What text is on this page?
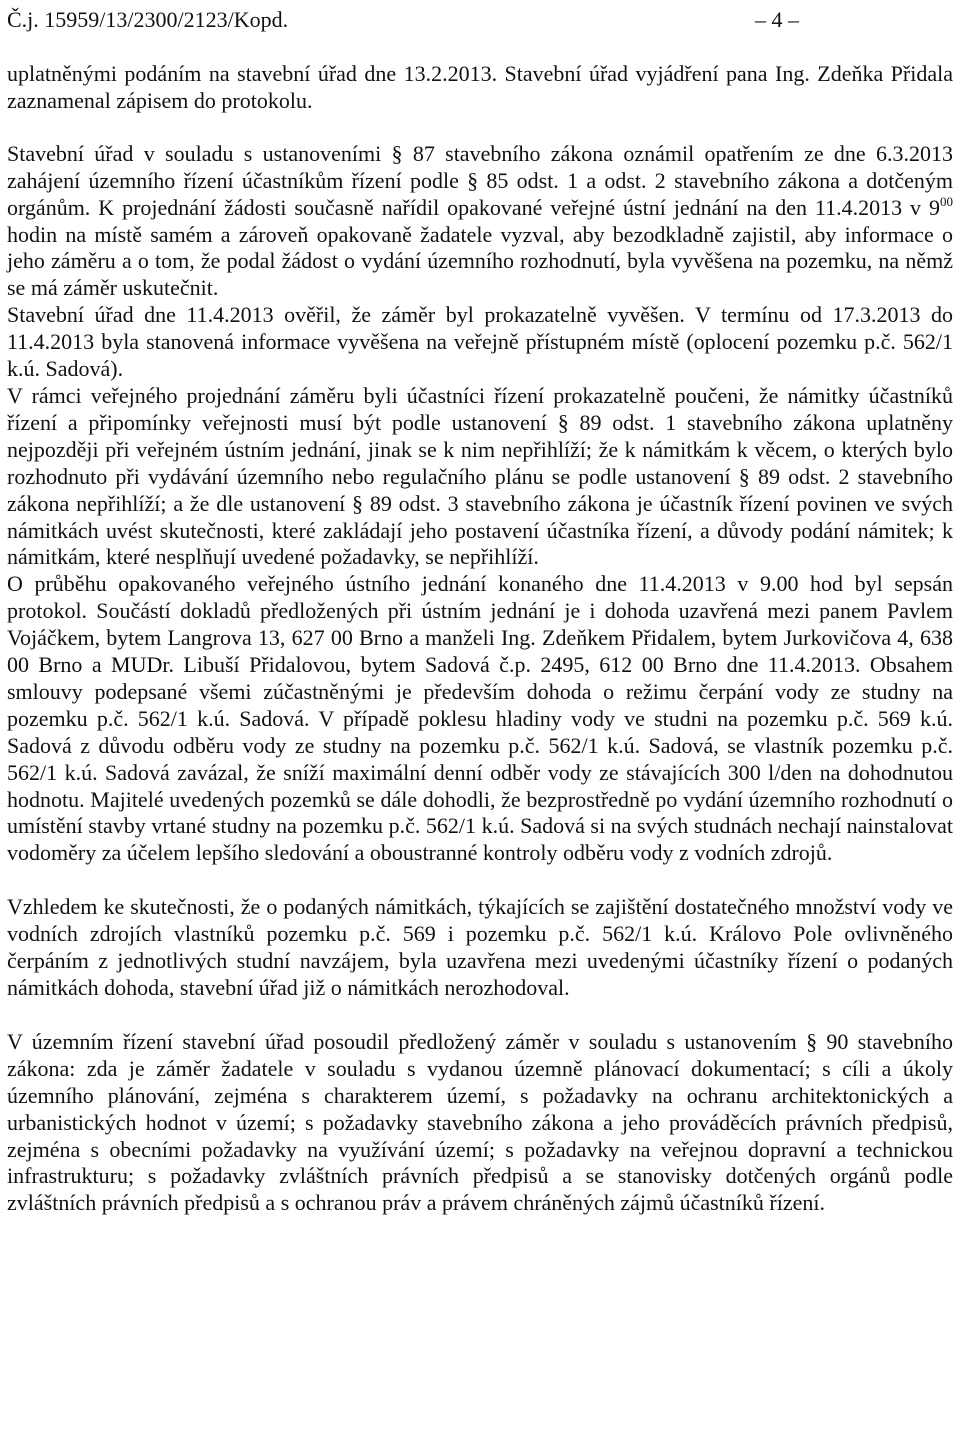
Č.j. 15959/13/2300/2123/Kopd.	– 4 –

uplatněnými podáním na stavební úřad dne 13.2.2013. Stavební úřad vyjádření pana Ing. Zdeňka Přidala zaznamenal zápisem do protokolu.

Stavební úřad v souladu s ustanoveními § 87 stavebního zákona oznámil opatřením ze dne 6.3.2013 zahájení územního řízení účastníkům řízení podle § 85 odst. 1 a odst. 2 stavebního zákona a dotčeným orgánům. K projednání žádosti současně nařídil opakované veřejné ústní jednání na den 11.4.2013 v $9^{00}$ hodin na místě samém a zároveň opakovaně žadatele vyzval, aby bezodkladně zajistil, aby informace o jeho záměru a o tom, že podal žádost o vydání územního rozhodnutí, byla vyvěšena na pozemku, na němž se má záměr uskutečnit.

Stavební úřad dne 11.4.2013 ověřil, že záměr byl prokazatelně vyvěšen. V termínu od 17.3.2013 do 11.4.2013 byla stanovená informace vyvěšena na veřejně přístupném místě (oplocení pozemku p.č. 562/1 k.ú. Sadová).

V rámci veřejného projednání záměru byli účastníci řízení prokazatelně poučeni, že námitky účastníků řízení a připomínky veřejnosti musí být podle ustanovení § 89 odst. 1 stavebního zákona uplatněny nejpozději při veřejném ústním jednání, jinak se k nim nepřihlíží; že k námitkám k věcem, o kterých bylo rozhodnuto při vydávání územního nebo regulačního plánu se podle ustanovení § 89 odst. 2 stavebního zákona nepřihlíží; a že dle ustanovení § 89 odst. 3 stavebního zákona je účastník řízení povinen ve svých námitkách uvést skutečnosti, které zakládají jeho postavení účastníka řízení, a důvody podání námitek; k námitkám, které nesplňují uvedené požadavky, se nepřihlíží.

O průběhu opakovaného veřejného ústního jednání konaného dne 11.4.2013 v 9.00 hod byl sepsán protokol. Součástí dokladů předložených při ústním jednání je i dohoda uzavřená mezi panem Pavlem Vojáčkem, bytem Langrova 13, 627 00 Brno a manželi Ing. Zdeňkem Přidalem, bytem Jurkovičova 4, 638 00 Brno a MUDr. Libuší Přidalovou, bytem Sadová č.p. 2495, 612 00 Brno dne 11.4.2013. Obsahem smlouvy podepsané všemi zúčastněnými je především dohoda o režimu čerpání vody ze studny na pozemku p.č. 562/1 k.ú. Sadová. V případě poklesu hladiny vody ve studni na pozemku p.č. 569 k.ú. Sadová z důvodu odběru vody ze studny na pozemku p.č. 562/1 k.ú. Sadová, se vlastník pozemku p.č. 562/1 k.ú. Sadová zavázal, že sníží maximální denní odběr vody ze stávajících 300 l/den na dohodnutou hodnotu. Majitelé uvedených pozemků se dále dohodli, že bezprostředně po vydání územního rozhodnutí o umístění stavby vrtané studny na pozemku p.č. 562/1 k.ú. Sadová si na svých studnách nechají nainstalovat vodoměry za účelem lepšího sledování a oboustranné kontroly odběru vody z vodních zdrojů.

Vzhledem ke skutečnosti, že o podaných námitkách, týkajících se zajištění dostatečného množství vody ve vodních zdrojích vlastníků pozemku p.č. 569 i pozemku p.č. 562/1 k.ú. Královo Pole ovlivněného čerpáním z jednotlivých studní navzájem, byla uzavřena mezi uvedenými účastníky řízení o podaných námitkách dohoda, stavební úřad již o námitkách nerozhodoval.

V územním řízení stavební úřad posoudil předložený záměr v souladu s ustanovením § 90 stavebního zákona: zda je záměr žadatele v souladu s vydanou územně plánovací dokumentací; s cíli a úkoly územního plánování, zejména s charakterem území, s požadavky na ochranu architektonických a urbanistických hodnot v území; s požadavky stavebního zákona a jeho prováděcích právních předpisů, zejména s obecními požadavky na využívání území; s požadavky na veřejnou dopravní a technickou infrastrukturu; s požadavky zvláštních právních předpisů a se stanovisky dotčených orgánů podle zvláštních právních předpisů a s ochranou práv a právem chráněných zájmů účastníků řízení.
